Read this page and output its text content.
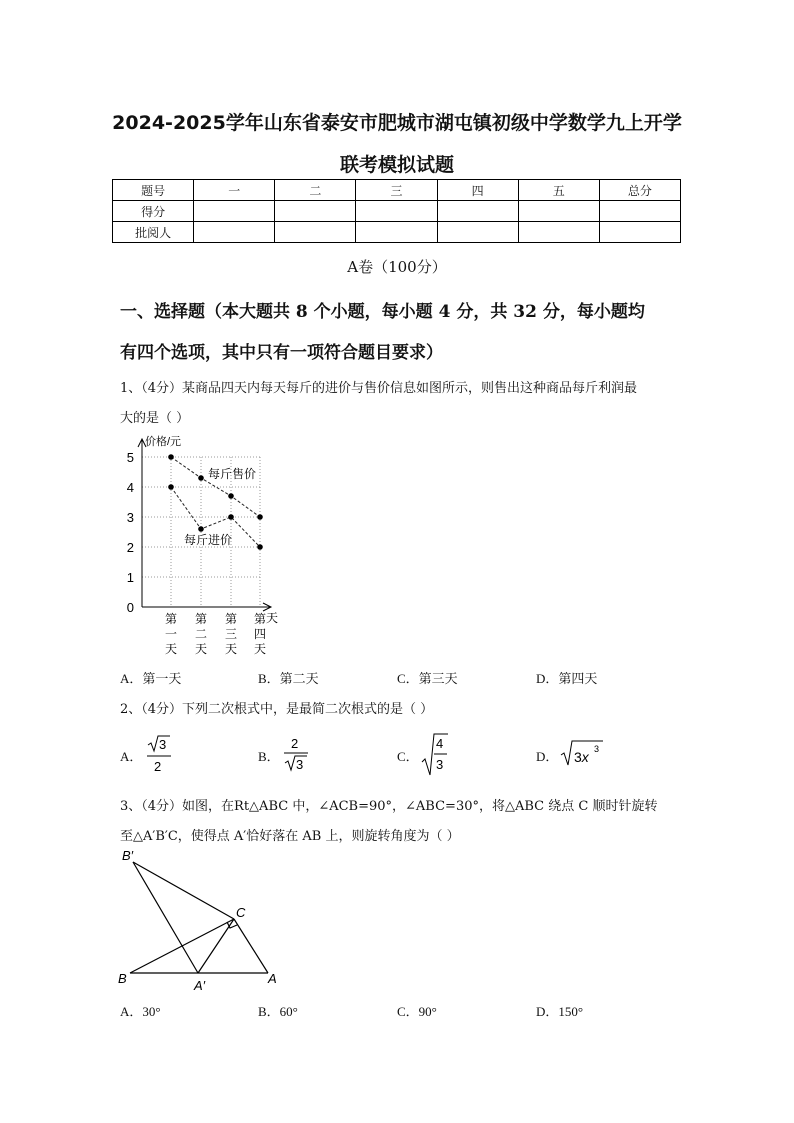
2024-2025学年山东省泰安市肥城市湖屯镇初级中学数学九上开学
联考模拟试题
题号	一	二	三	四	五	总分
得分						
批阅人						
A卷（100分）
一、选择题（本大题共 8 个小题，每小题 4 分，共 32 分，每小题均
有四个选项，其中只有一项符合题目要求）
1、（4分）某商品四天内每天每斤的进价与售价信息如图所示，则售出这种商品每斤利润最
大的是（ ）
0
1
2
3
4
5
第
一
天
第
二
天
第
三
天
第
四
天
每斤售价
每斤进价
价格/元
天
A．第一天	B．第二天	C．第三天	D．第四天
2、（4分）下列二次根式中，是最简二次根式的是（ ）
A．
3
2
B．
2
3
C．
4
3
D． 3x 3
3、（4分）如图，在Rt△ABC 中，∠ACB=90°，∠ABC=30°，将△ABC 绕点 C 顺时针旋转
至△A′B′C，使得点 A′恰好落在 AB 上，则旋转角度为（ ）
B′
C
B	A′	A
A．30°	B．60°	C．90°	D．150°
